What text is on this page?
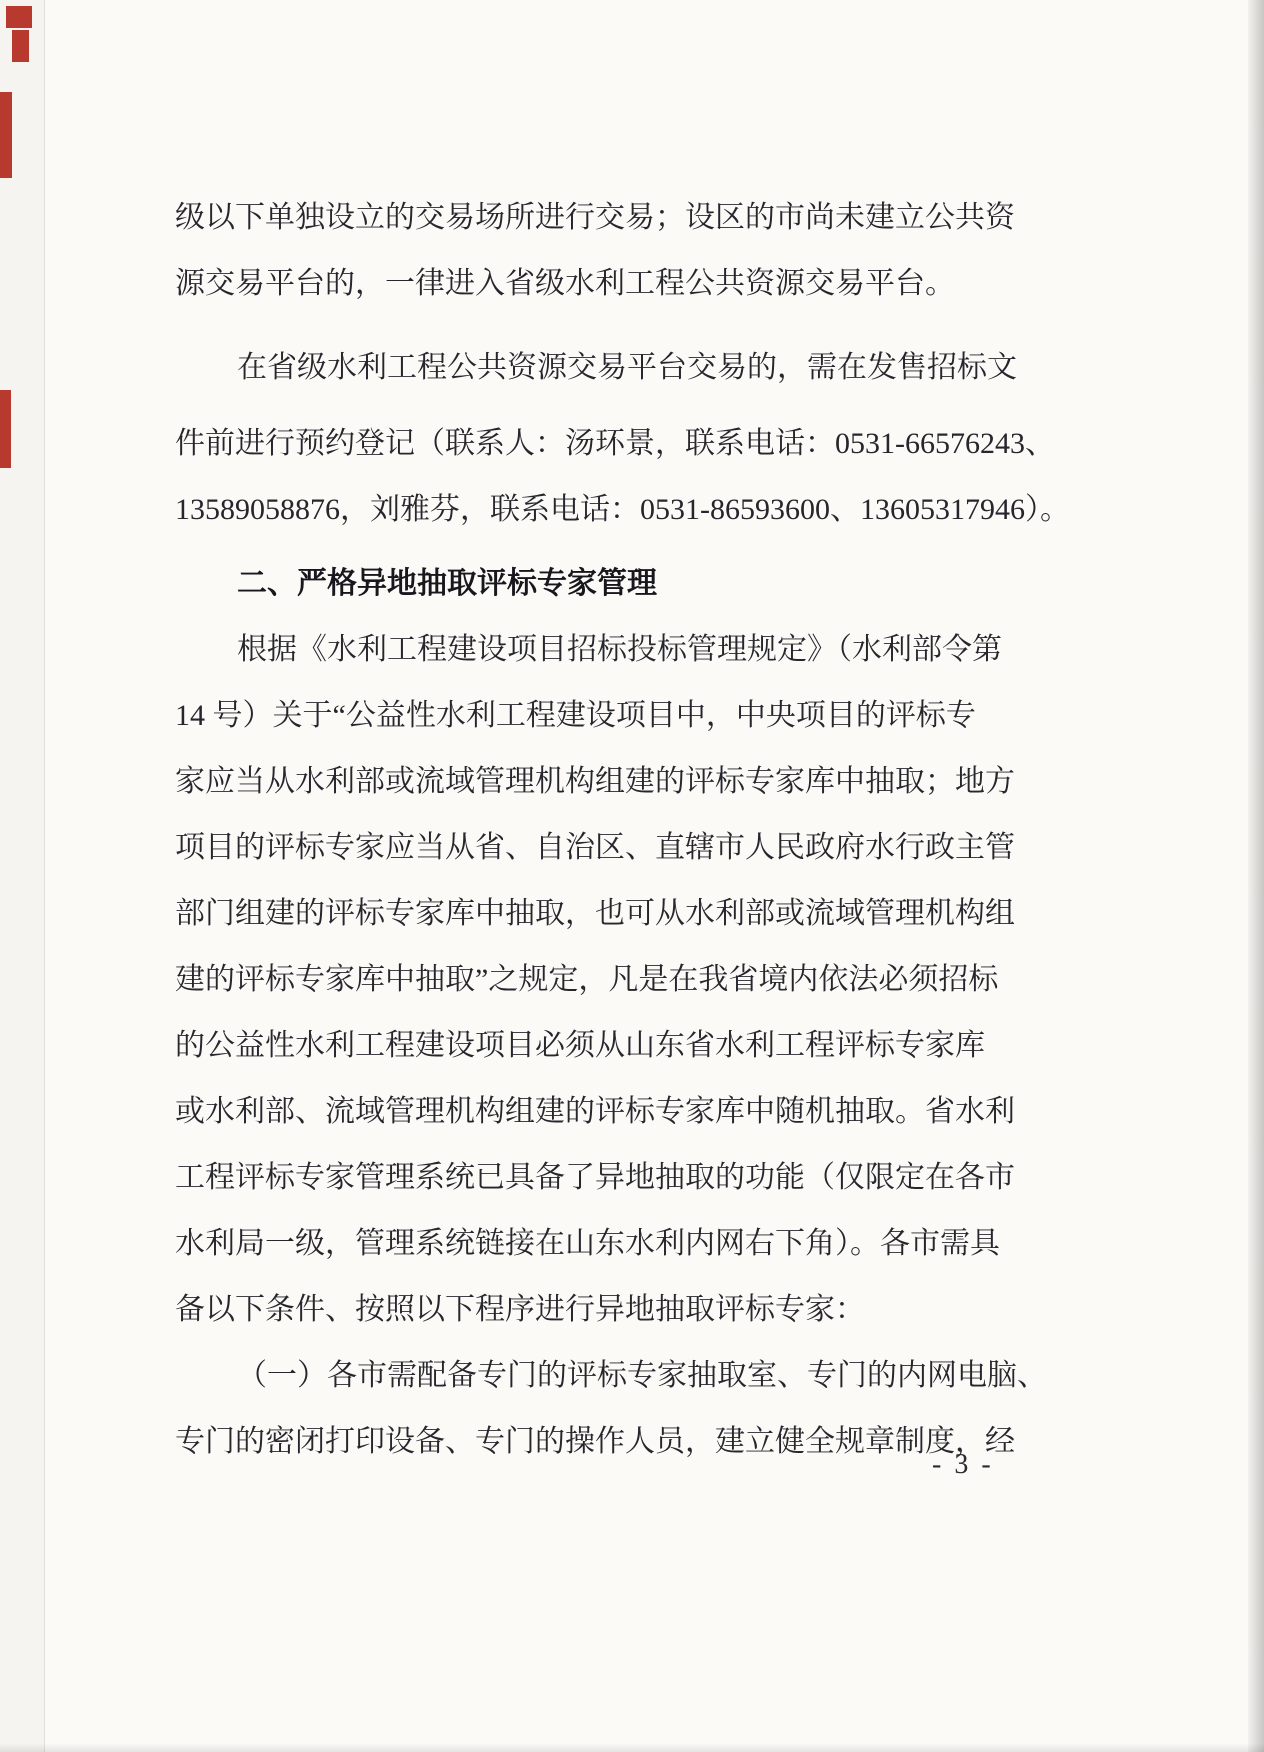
级以下单独设立的交易场所进行交易；设区的市尚未建立公共资
源交易平台的，一律进入省级水利工程公共资源交易平台。
在省级水利工程公共资源交易平台交易的，需在发售招标文
件前进行预约登记（联系人：汤环景，联系电话：0531-66576243、
13589058876，刘雅芬，联系电话：0531-86593600、13605317946）。
二、严格异地抽取评标专家管理
根据《水利工程建设项目招标投标管理规定》（水利部令第
14 号）关于“公益性水利工程建设项目中，中央项目的评标专
家应当从水利部或流域管理机构组建的评标专家库中抽取；地方
项目的评标专家应当从省、自治区、直辖市人民政府水行政主管
部门组建的评标专家库中抽取，也可从水利部或流域管理机构组
建的评标专家库中抽取”之规定，凡是在我省境内依法必须招标
的公益性水利工程建设项目必须从山东省水利工程评标专家库
或水利部、流域管理机构组建的评标专家库中随机抽取。省水利
工程评标专家管理系统已具备了异地抽取的功能（仅限定在各市
水利局一级，管理系统链接在山东水利内网右下角）。各市需具
备以下条件、按照以下程序进行异地抽取评标专家：
（一）各市需配备专门的评标专家抽取室、专门的内网电脑、
专门的密闭打印设备、专门的操作人员，建立健全规章制度，经
- 3 -
